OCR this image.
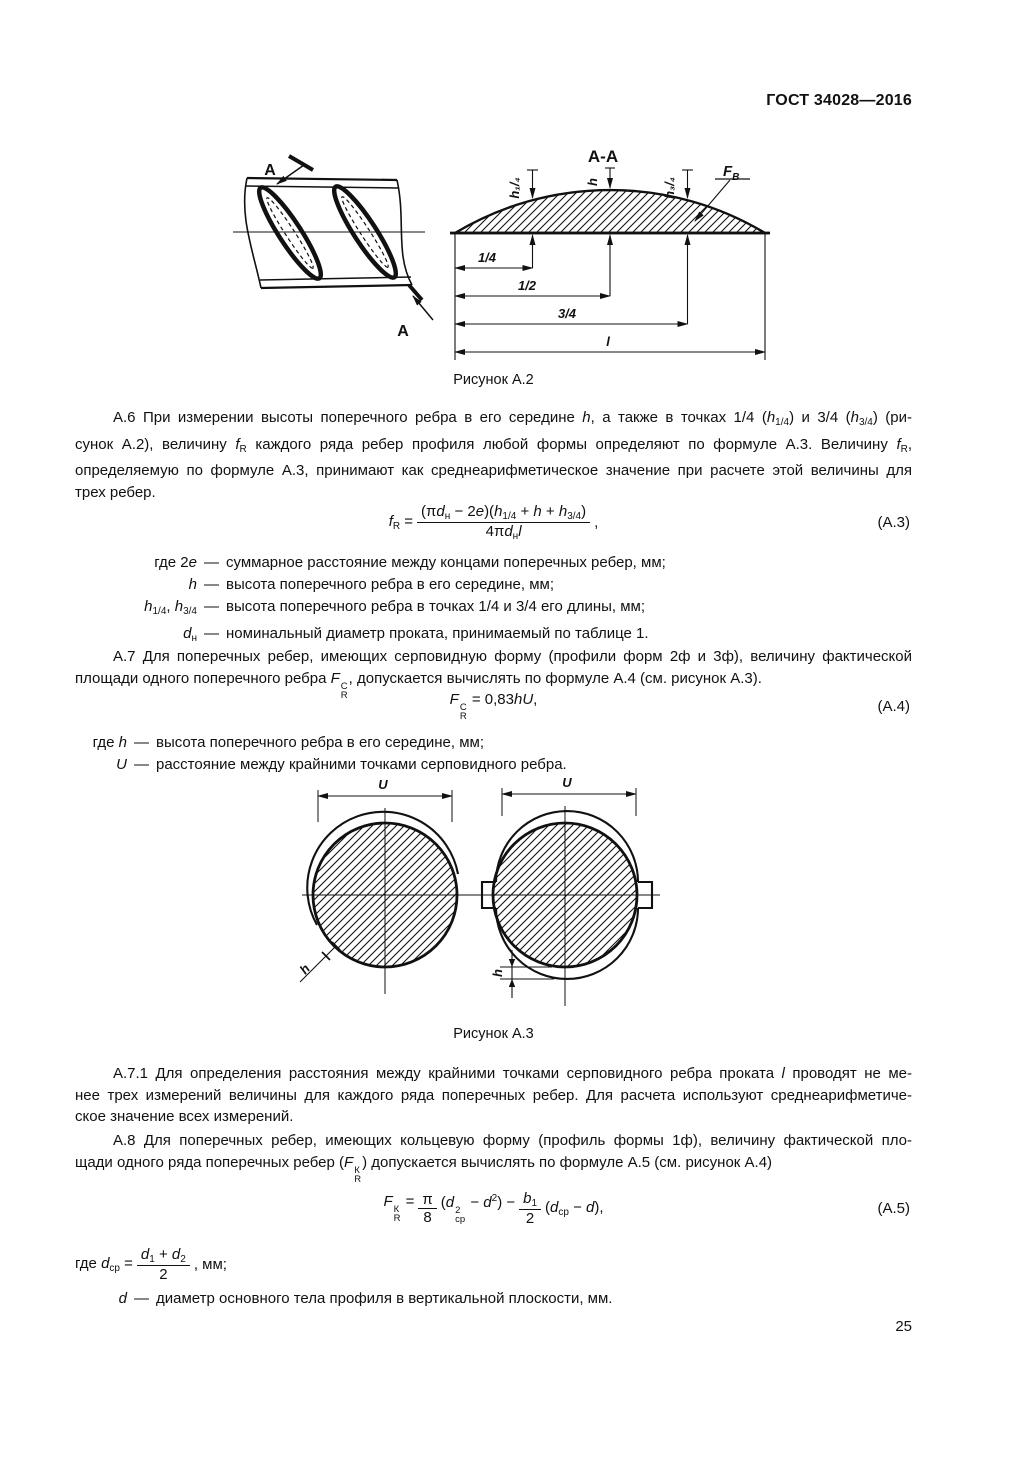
ГОСТ 34028—2016
А
А
А-А
h₁/₄	h	h₃/₄
$F_В$
1/4
1/2
3/4
l
Рисунок А.2
А.6 При измерении высоты поперечного ребра в его середине h, а также в точках 1/4 $(h_{1/4})$ и 3/4 $(h_{3/4})$ (ри-
сунок А.2), величину $f_R$ каждого ряда ребер профиля любой формы определяют по формуле А.3. Величину $f_R$,
определяемую по формуле А.3, принимают как среднеарифметическое значение при расчете этой величины для
трех ребер.
$f_R = \frac{(\pi d_н - 2e)(h_{1/4} + h + h_{3/4})}{4\pi d_нl}$ ,	(А.3)
где 2e — суммарное расстояние между концами поперечных ребер, мм;
h — высота поперечного ребра в его середине, мм;
$h_{1/4}$, $h_{3/4}$ — высота поперечного ребра в точках 1/4 и 3/4 его длины, мм;
$d_н$ — номинальный диаметр проката, принимаемый по таблице 1.
А.7 Для поперечных ребер, имеющих серповидную форму (профили форм 2ф и 3ф), величину фактической
площади одного поперечного ребра F С
R
, допускается вычислять по формуле А.4 (см. рисунок А.3).
F С
R
= 0,83hU,	(А.4)
где h — высота поперечного ребра в его середине, мм;
U — расстояние между крайними точками серповидного ребра.
U
h
U
h
Рисунок А.3
А.7.1 Для определения расстояния между крайними точками серповидного ребра проката l проводят не ме-
нее трех измерений величины для каждого ряда поперечных ребер. Для расчета используют среднеарифметиче-
ское значение всех измерений.
А.8 Для поперечных ребер, имеющих кольцевую форму (профиль формы 1ф), величину фактической пло-
щади одного ряда поперечных ребер (F К
R
) допускается вычислять по формуле А.5 (см. рисунок А.4)
F К
R
= $\frac{\pi}{8} (d$ 2
ср
− $d^2) - \frac{b_1}{2} (d_{ср} - d)$,	(А.5)
где $d_{ср} = \frac{d_1 + d_2}{2}$ , мм;
d — диаметр основного тела профиля в вертикальной плоскости, мм.
25
